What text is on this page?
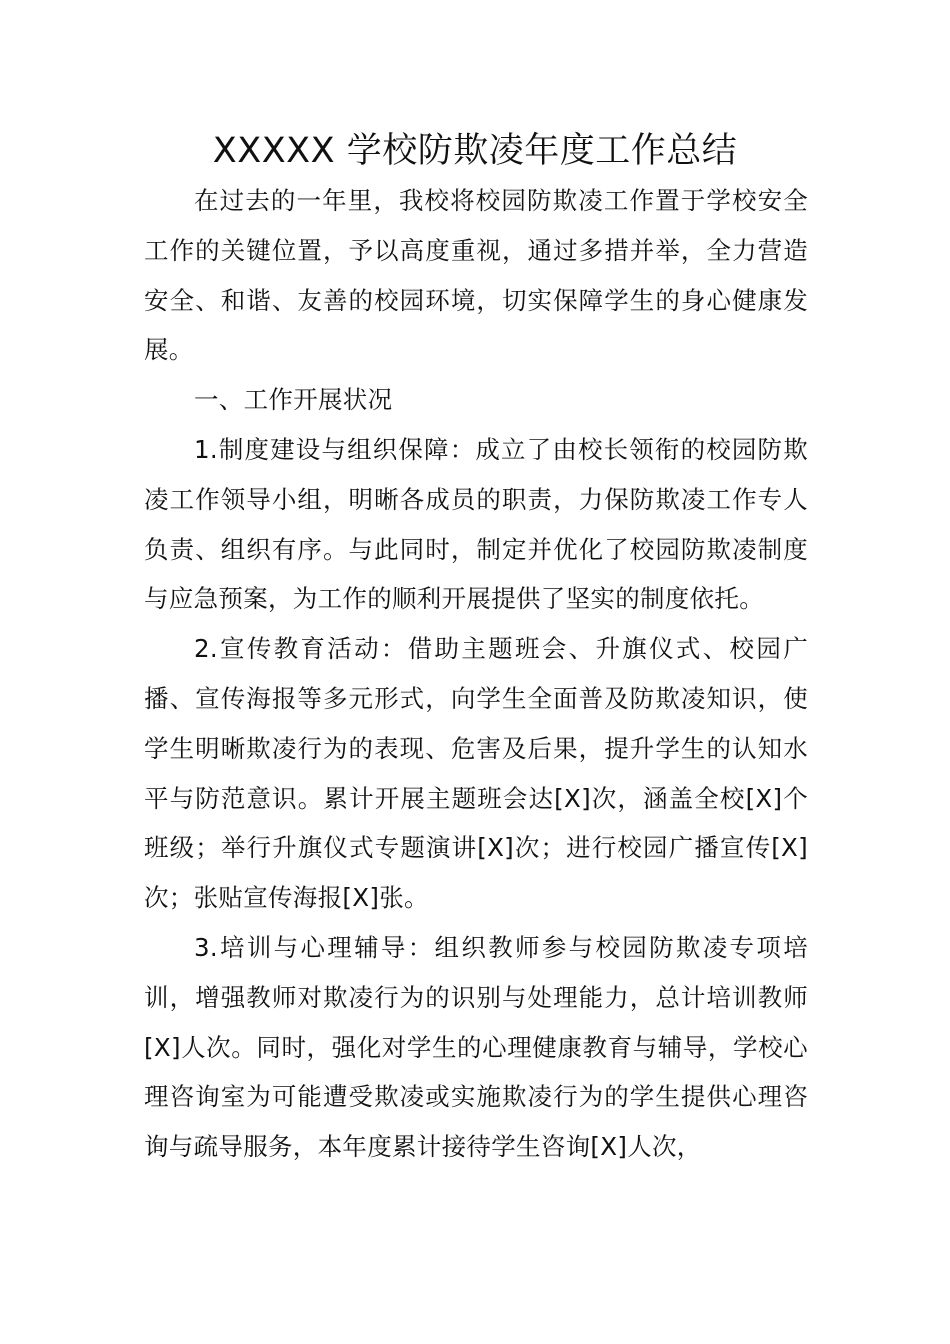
XXXXX 学校防欺凌年度工作总结

在过去的一年里，我校将校园防欺凌工作置于学校安全工作的关键位置，予以高度重视，通过多措并举，全力营造安全、和谐、友善的校园环境，切实保障学生的身心健康发展。

一、工作开展状况

1.制度建设与组织保障：成立了由校长领衔的校园防欺凌工作领导小组，明晰各成员的职责，力保防欺凌工作专人负责、组织有序。与此同时，制定并优化了校园防欺凌制度与应急预案，为工作的顺利开展提供了坚实的制度依托。

2.宣传教育活动：借助主题班会、升旗仪式、校园广播、宣传海报等多元形式，向学生全面普及防欺凌知识，使学生明晰欺凌行为的表现、危害及后果，提升学生的认知水平与防范意识。累计开展主题班会达[X]次，涵盖全校[X]个班级；举行升旗仪式专题演讲[X]次；进行校园广播宣传[X]次；张贴宣传海报[X]张。

3.培训与心理辅导：组织教师参与校园防欺凌专项培训，增强教师对欺凌行为的识别与处理能力，总计培训教师[X]人次。同时，强化对学生的心理健康教育与辅导，学校心理咨询室为可能遭受欺凌或实施欺凌行为的学生提供心理咨询与疏导服务，本年度累计接待学生咨询[X]人次，
